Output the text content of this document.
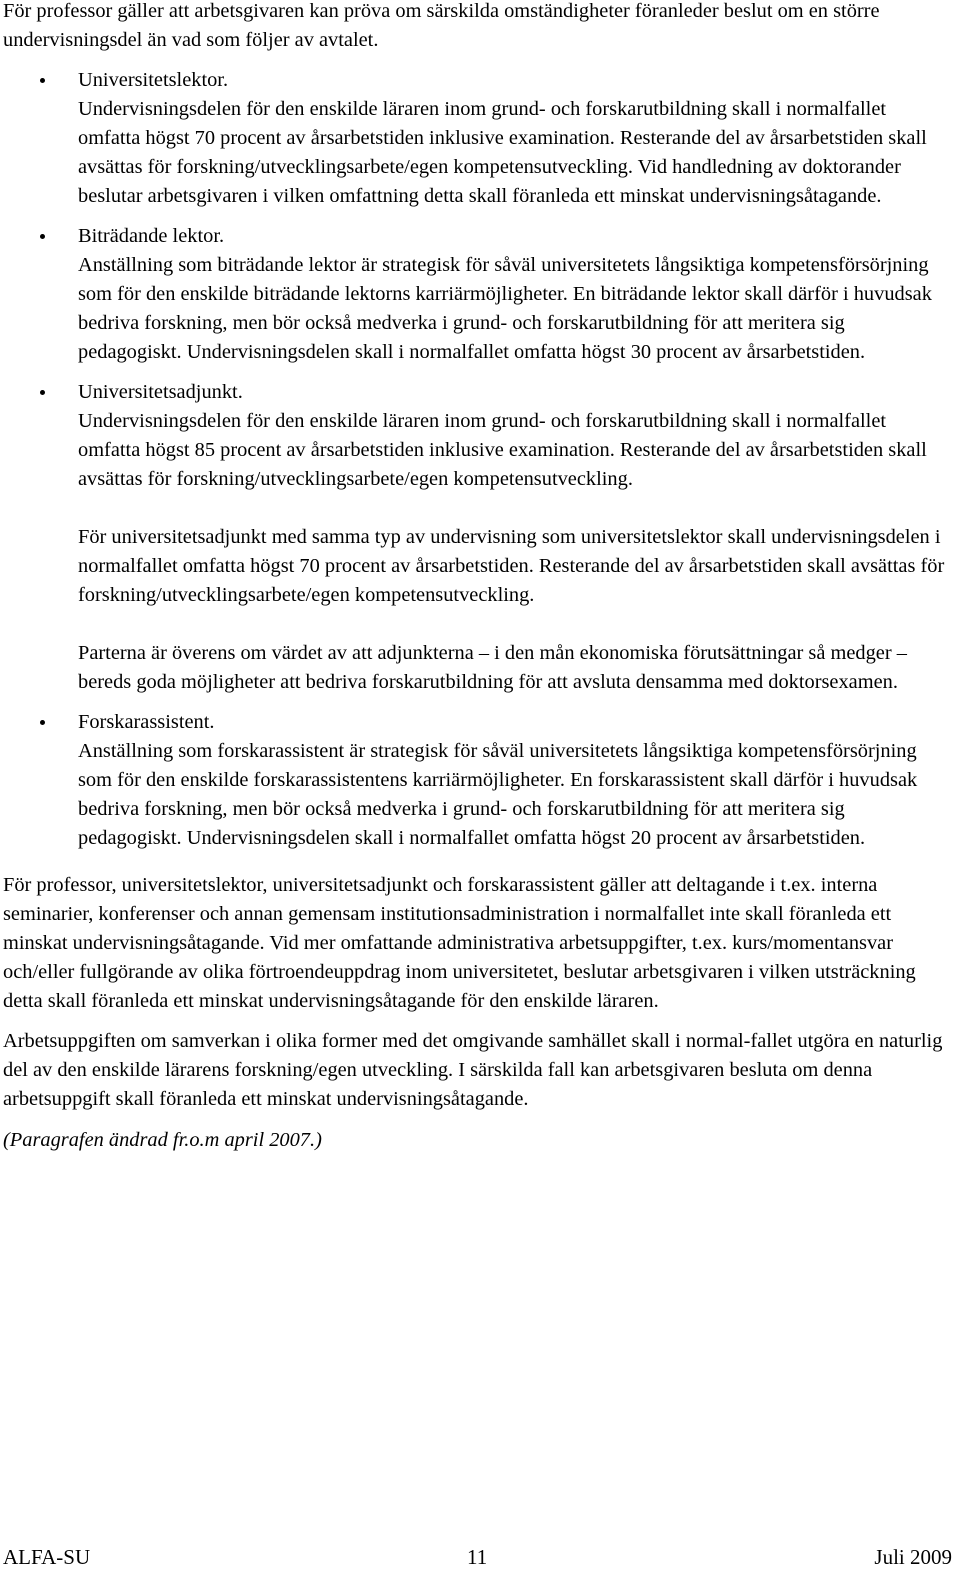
För professor gäller att arbetsgivaren kan pröva om särskilda omständigheter föranleder beslut om en större undervisningsdel än vad som följer av avtalet.

Universitetslektor.

Undervisningsdelen för den enskilde läraren inom grund- och forskarutbildning skall i normalfallet omfatta högst 70 procent av årsarbetstiden inklusive examination. Resterande del av årsarbetstiden skall avsättas för forskning/utvecklingsarbete/egen kompetensutveckling. Vid handledning av doktorander beslutar arbetsgivaren i vilken omfattning detta skall föranleda ett minskat undervisningsåtagande.

Biträdande lektor.

Anställning som biträdande lektor är strategisk för såväl universitetets långsiktiga kompetensförsörjning som för den enskilde biträdande lektorns karriärmöjligheter. En biträdande lektor skall därför i huvudsak bedriva forskning, men bör också medverka i grund- och forskarutbildning för att meritera sig pedagogiskt. Undervisningsdelen skall i normalfallet omfatta högst 30 procent av årsarbetstiden.

Universitetsadjunkt.

Undervisningsdelen för den enskilde läraren inom grund- och forskarutbildning skall i normalfallet omfatta högst 85 procent av årsarbetstiden inklusive examination. Resterande del av årsarbetstiden skall avsättas för forskning/utvecklingsarbete/egen kompetensutveckling.

För universitetsadjunkt med samma typ av undervisning som universitetslektor skall undervisningsdelen i normalfallet omfatta högst 70 procent av årsarbetstiden. Resterande del av årsarbetstiden skall avsättas för forskning/utvecklingsarbete/egen kompetensutveckling.

Parterna är överens om värdet av att adjunkterna – i den mån ekonomiska förutsättningar så medger – bereds goda möjligheter att bedriva forskarutbildning för att avsluta densamma med doktorsexamen.

Forskarassistent.

Anställning som forskarassistent är strategisk för såväl universitetets långsiktiga kompetensförsörjning som för den enskilde forskarassistentens karriärmöjligheter. En forskarassistent skall därför i huvudsak bedriva forskning, men bör också medverka i grund- och forskarutbildning för att meritera sig pedagogiskt. Undervisningsdelen skall i normalfallet omfatta högst 20 procent av årsarbetstiden.

För professor, universitetslektor, universitetsadjunkt och forskarassistent gäller att deltagande i t.ex. interna seminarier, konferenser och annan gemensam institutionsadministration i normalfallet inte skall föranleda ett minskat undervisningsåtagande. Vid mer omfattande administrativa arbetsuppgifter, t.ex. kurs/momentansvar och/eller fullgörande av olika förtroendeuppdrag inom universitetet, beslutar arbetsgivaren i vilken utsträckning detta skall föranleda ett minskat undervisningsåtagande för den enskilde läraren.

Arbetsuppgiften om samverkan i olika former med det omgivande samhället skall i normal-fallet utgöra en naturlig del av den enskilde lärarens forskning/egen utveckling. I särskilda fall kan arbetsgivaren besluta om denna arbetsuppgift skall föranleda ett minskat undervisningsåtagande.

(Paragrafen ändrad fr.o.m april 2007.)

ALFA-SU	11	Juli 2009
